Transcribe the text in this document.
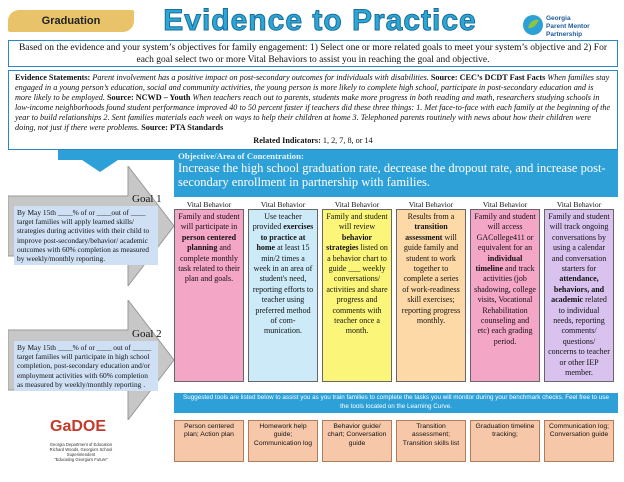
Graduation	Evidence to Practice	Georgia
Parent Mentor
Partnership
Based on the evidence and your system’s objectives for family engagement: 1) Select one or more related goals to meet your system’s objective and 2) For each goal select two or more Vital Behaviors to assist you in reaching the goal and objective.
Evidence Statements: Parent involvement has a positive impact on post-secondary outcomes for individuals with disabilities. Source: CEC’s DCDT Fast Facts When families stay engaged in a young person’s education, social and community activities, the young person is more likely to complete high school, participate in post-secondary education and is more likely to be employed. Source: NCWD – Youth When teachers reach out to parents, students make more progress in both reading and math, researchers studying schools in low-income neighborhoods found student performance improved 40 to 50 percent faster if teachers did these three things: 1. Met face-to-face with each family at the beginning of the year to build relationships 2. Sent families materials each week on ways to help their children at home 3. Telephoned parents routinely with news about how their children were doing, not just if there were problems. Source: PTA Standards
Related Indicators: 1, 2, 7, 8, or 14
Goal 1
By May 15th ____% of or ____out of ____ target families will apply learned skills/ strategies during activities with their child to improve post-secondary/behavior/ academic outcomes with 60% completion as measured by weekly/monthly reporting.
Goal 2
By May 15th ____% of or ____ out of _____ target families will participate in high school completion, post-secondary education and/or employment activities with 60% completion as measured by weekly/monthly reporting .
Objective/Area of Concentration:
Increase the high school graduation rate, decrease the dropout rate, and increase post-secondary enrollment in partnership with families.
Vital Behavior
Family and student will participate in person centered planning and complete monthly task related to their plan and goals.
Vital Behavior
Use teacher provided exercises to practice at home at least 15 min/2 times a week in an area of student's need, reporting efforts to teacher using preferred method of com-munication.
Vital Behavior
Family and student will review behavior strategies listed on a behavior chart to guide ___ weekly conversations/ activities and share progress and comments with teacher once a month.
Vital Behavior
Results from a transition assessment will guide family and student to work together to complete a series of work-readiness skill exercises; reporting progress monthly.
Vital Behavior
Family and student will access GACollege411 or equivalent for an individual timeline and track activities (job shadowing, college visits, Vocational Rehabilitation counseling and etc) each grading period.
Vital Behavior
Family and student will track ongoing conversations by using a calendar and conversation starters for attendance, behaviors, and academic related to individual needs, reporting comments/ questions/ concerns to teacher or other IEP member.
Suggested tools are listed below to assist you as you train families to complete the tasks you will monitor during your benchmark checks. Feel free to use the tools located on the Learning Curve.
Person centered plan; Action plan
Homework help guide; Communication log
Behavior guide/ chart; Conversation guide
Transition assessment; Transition skills list
Graduation timeline tracking;
Communication log; Conversation guide
GaDOE
Georgia Department of Education
Richard Woods, Georgia's School Superintendent
"Educating Georgia's Future"
